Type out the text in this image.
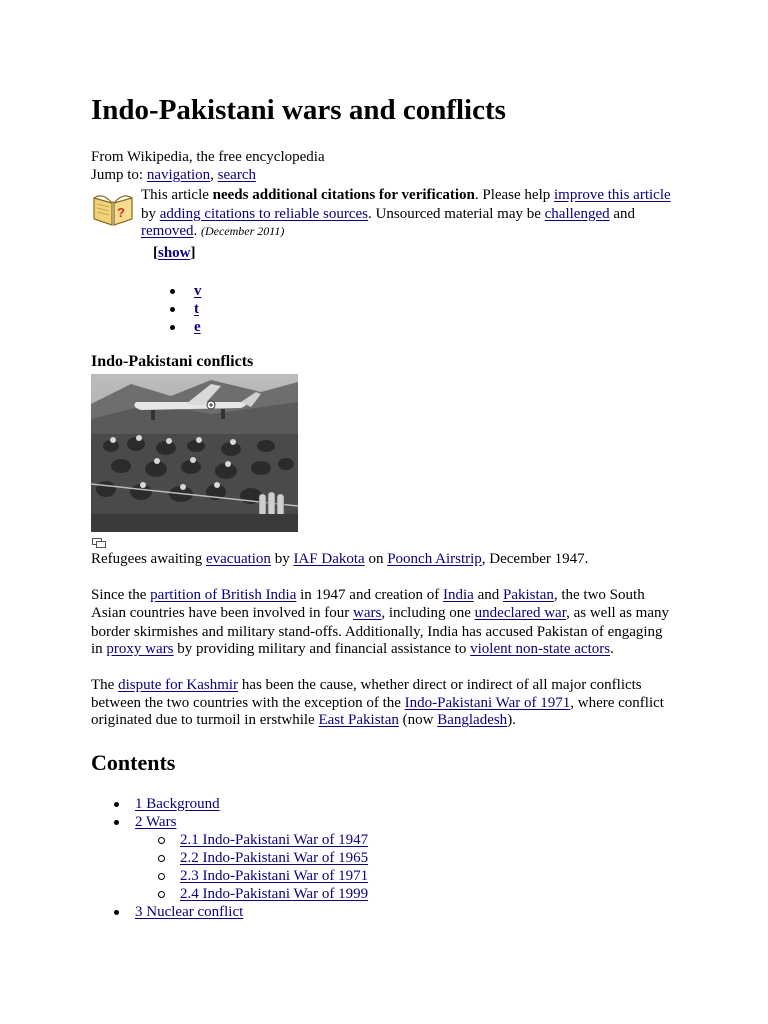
Indo-Pakistani wars and conflicts
From Wikipedia, the free encyclopedia
Jump to: navigation, search
?
This article needs additional citations for verification. Please help improve this article
by adding citations to reliable sources. Unsourced material may be challenged and
removed. (December 2011)
[show]
v
t
e
Indo-Pakistani conflicts
Refugees awaiting evacuation by IAF Dakota on Poonch Airstrip, December 1947.
Since the partition of British India in 1947 and creation of India and Pakistan, the two South
Asian countries have been involved in four wars, including one undeclared war, as well as many
border skirmishes and military stand-offs. Additionally, India has accused Pakistan of engaging
in proxy wars by providing military and financial assistance to violent non-state actors.
The dispute for Kashmir has been the cause, whether direct or indirect of all major conflicts
between the two countries with the exception of the Indo-Pakistani War of 1971, where conflict
originated due to turmoil in erstwhile East Pakistan (now Bangladesh).
Contents
1 Background
2 Wars
2.1 Indo-Pakistani War of 1947
2.2 Indo-Pakistani War of 1965
2.3 Indo-Pakistani War of 1971
2.4 Indo-Pakistani War of 1999
3 Nuclear conflict
